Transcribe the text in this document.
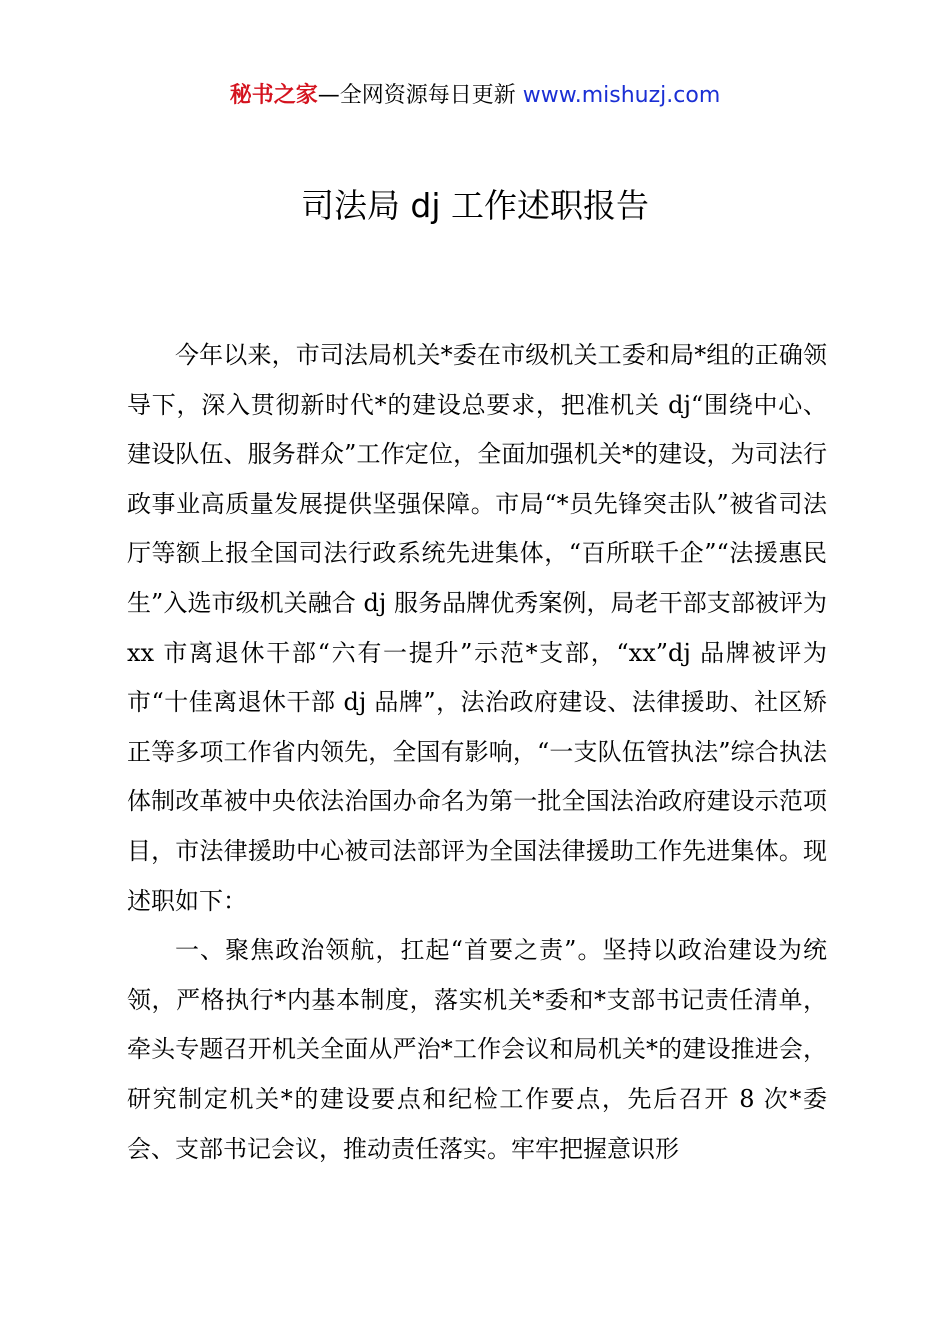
秘书之家—全网资源每日更新 www.mishuzj.com
司法局 dj 工作述职报告

今年以来，市司法局机关*委在市级机关工委和局*组的正确领导下，深入贯彻新时代*的建设总要求，把准机关 dj“围绕中心、建设队伍、服务群众”工作定位，全面加强机关*的建设，为司法行政事业高质量发展提供坚强保障。市局“*员先锋突击队”被省司法厅等额上报全国司法行政系统先进集体，“百所联千企”“法援惠民生”入选市级机关融合 dj 服务品牌优秀案例，局老干部支部被评为 xx 市离退休干部“六有一提升”示范*支部，“xx”dj 品牌被评为市“十佳离退休干部 dj 品牌”，法治政府建设、法律援助、社区矫正等多项工作省内领先，全国有影响，“一支队伍管执法”综合执法体制改革被中央依法治国办命名为第一批全国法治政府建设示范项目，市法律援助中心被司法部评为全国法律援助工作先进集体。现述职如下：

一、聚焦政治领航，扛起“首要之责”。坚持以政治建设为统领，严格执行*内基本制度，落实机关*委和*支部书记责任清单，牵头专题召开机关全面从严治*工作会议和局机关*的建设推进会，研究制定机关*的建设要点和纪检工作要点，先后召开 8 次*委会、支部书记会议，推动责任落实。牢牢把握意识形
